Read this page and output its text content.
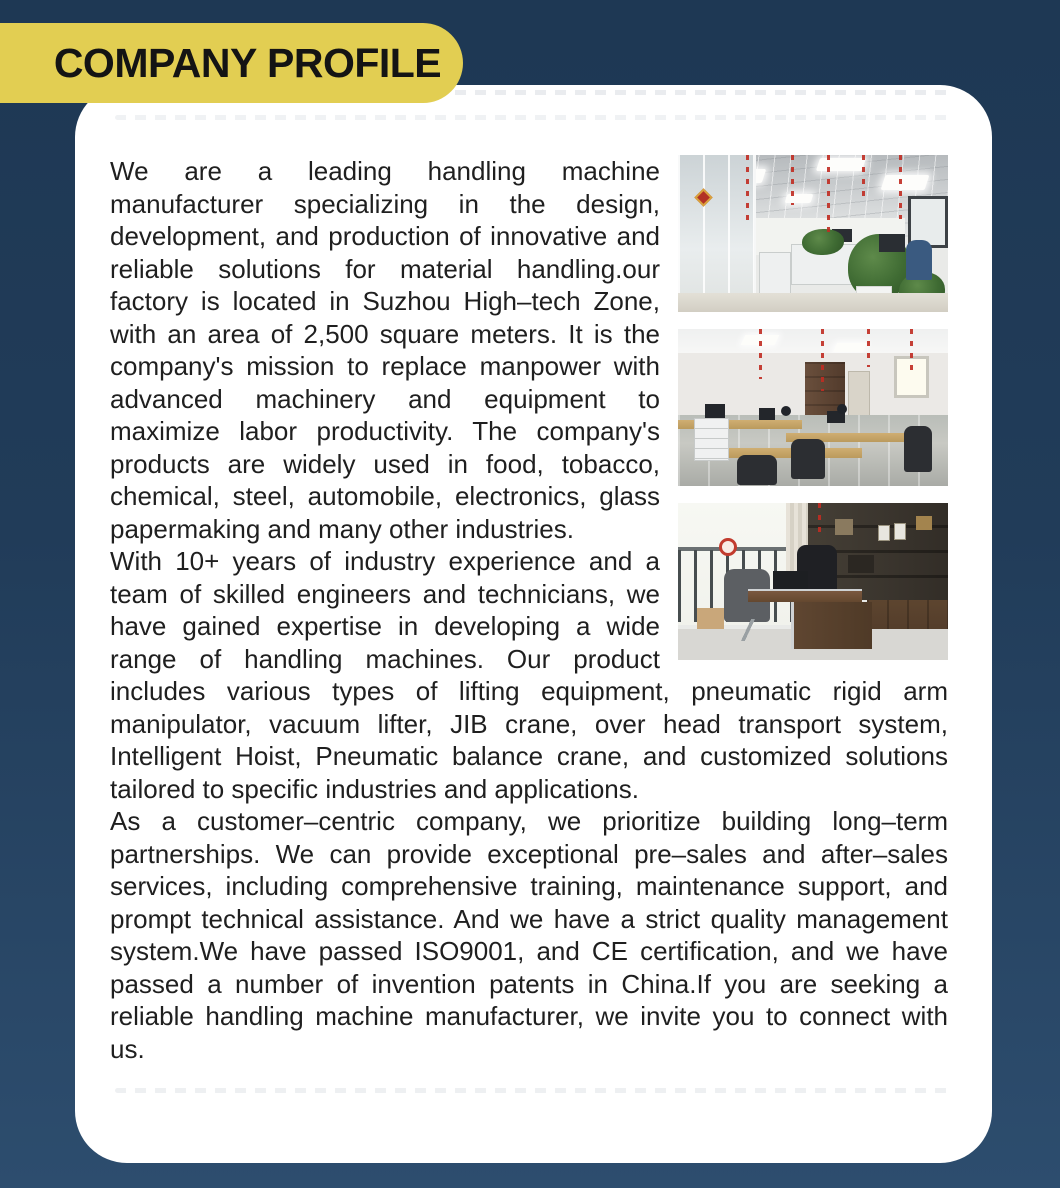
COMPANY PROFILE

We are a leading handling machine manufacturer specializing in the design, development, and production of innovative and reliable solutions for material handling.our factory is located in Suzhou High–tech Zone, with an area of 2,500 square meters. It is the company's mission to replace manpower with advanced machinery and equipment to maximize labor productivity. The company's products are widely used in food, tobacco, chemical, steel, automobile, electronics, glass papermaking and many other industries.

With 10+ years of industry experience and a team of skilled engineers and technicians, we have gained expertise in developing a wide range of handling machines. Our product includes various types of lifting equipment, pneumatic rigid arm manipulator, vacuum lifter, JIB crane, over head transport system, Intelligent Hoist, Pneumatic balance crane, and customized solutions tailored to specific industries and applications.

As a customer–centric company, we prioritize building long–term partnerships. We can provide exceptional pre–sales and after–sales services, including comprehensive training, maintenance support, and prompt technical assistance. And we have a strict quality management system.We have passed ISO9001, and CE certification, and we have passed a number of invention patents in China.If you are seeking a reliable handling machine manufacturer, we invite you to connect with us.
